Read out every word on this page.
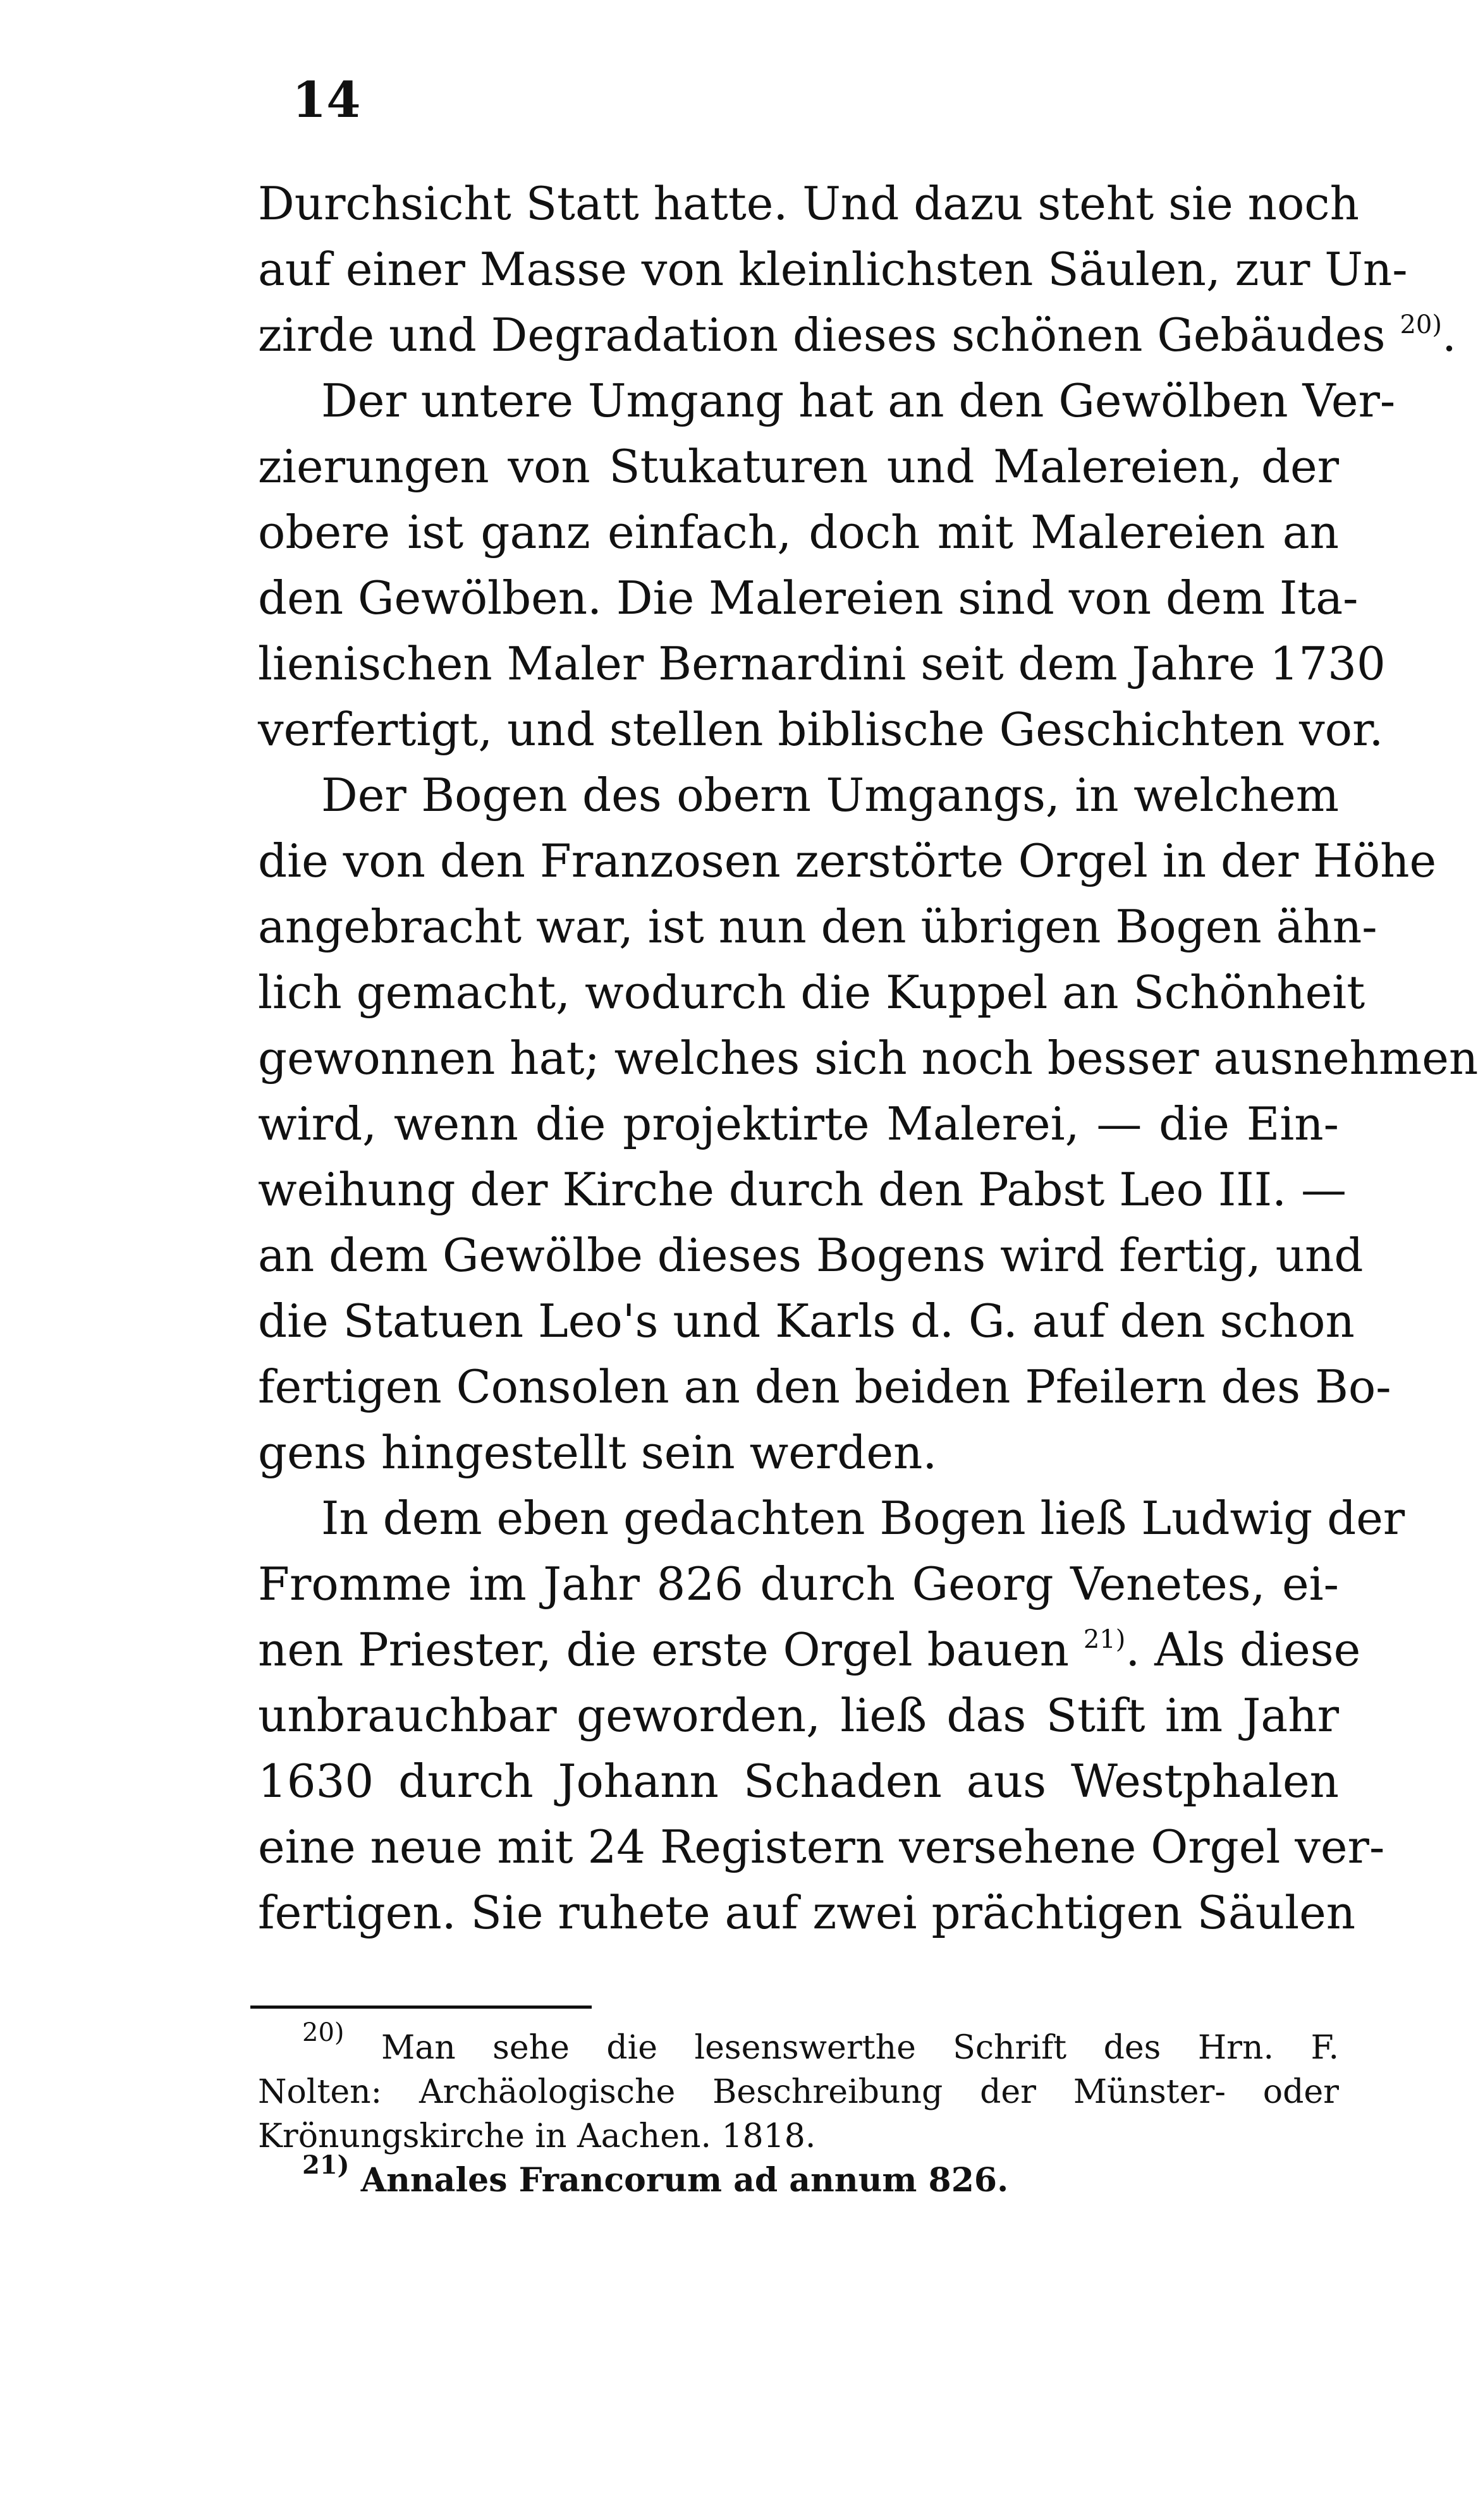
14
Durchsicht Statt hatte. Und dazu steht sie noch
auf einer Masse von kleinlichsten Säulen, zur Un-
zirde und Degradation dieses schönen Gebäudes $^{20)}$.
Der untere Umgang hat an den Gewölben Ver-
zierungen von Stukaturen und Malereien, der
obere ist ganz einfach, doch mit Malereien an
den Gewölben. Die Malereien sind von dem Ita-
lienischen Maler Bernardini seit dem Jahre 1730
verfertigt, und stellen biblische Geschichten vor.
Der Bogen des obern Umgangs, in welchem
die von den Franzosen zerstörte Orgel in der Höhe
angebracht war, ist nun den übrigen Bogen ähn-
lich gemacht, wodurch die Kuppel an Schönheit
gewonnen hat; welches sich noch besser ausnehmen
wird, wenn die projektirte Malerei, — die Ein-
weihung der Kirche durch den Pabst Leo III. —
an dem Gewölbe dieses Bogens wird fertig, und
die Statuen Leo's und Karls d. G. auf den schon
fertigen Consolen an den beiden Pfeilern des Bo-
gens hingestellt sein werden.
In dem eben gedachten Bogen ließ Ludwig der
Fromme im Jahr 826 durch Georg Venetes, ei-
nen Priester, die erste Orgel bauen $^{21)}$. Als diese
unbrauchbar geworden, ließ das Stift im Jahr
1630 durch Johann Schaden aus Westphalen
eine neue mit 24 Registern versehene Orgel ver-
fertigen. Sie ruhete auf zwei prächtigen Säulen
$^{20)}$ Man sehe die lesenswerthe Schrift des Hrn. F.
Nolten: Archäologische Beschreibung der Münster- oder
Krönungskirche in Aachen. 1818.
$^{21)}$ Annales Francorum ad annum 826.
